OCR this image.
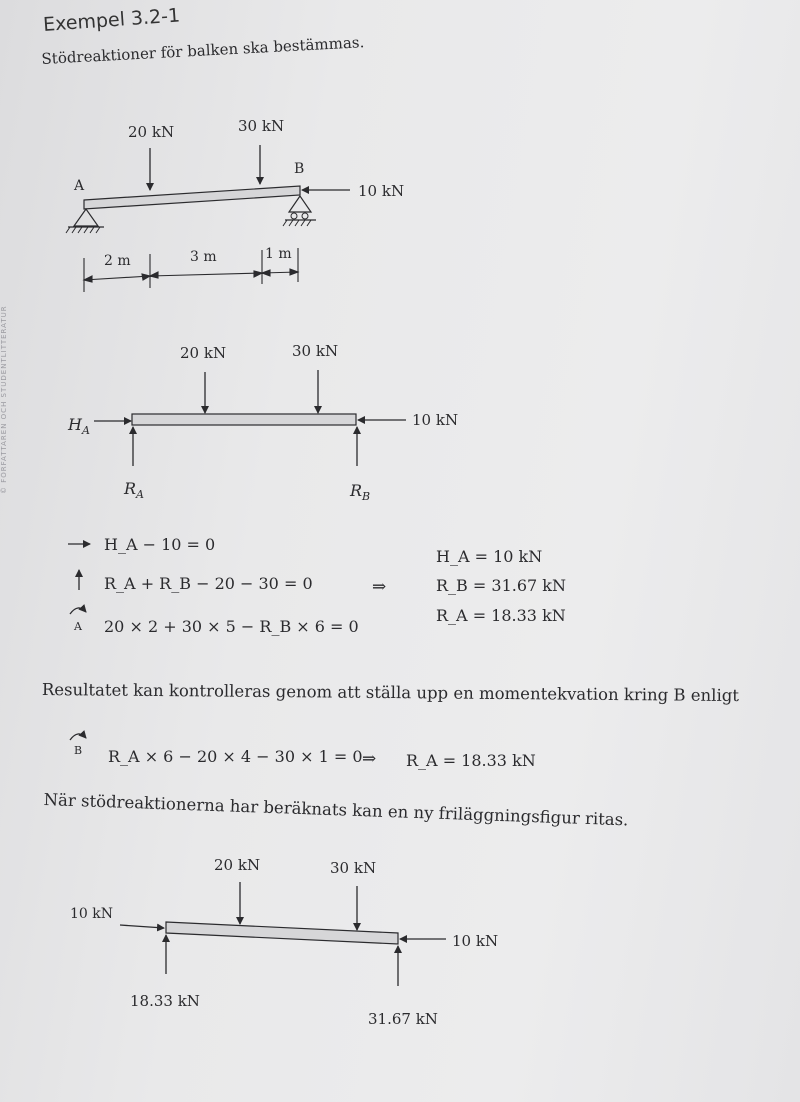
© FÖRFATTAREN OCH STUDENTLITTERATUR
Exempel 3.2-1
Stödreaktioner för balken ska bestämmas.
A
B
20 kN	30 kN
10 kN
2 m	3 m	1 m
20 kN	30 kN
$H_A$
10 kN
$R_A$	$R_B$
H_A − 10 = 0
R_A + R_B − 20 − 30 = 0
A 20 × 2 + 30 × 5 − R_B × 6 = 0
⇒
H_A = 10 kN
R_B = 31.67 kN
R_A = 18.33 kN
B R_A × 6 − 20 × 4 − 30 × 1 = 0 ⇒ R_A = 18.33 kN
20 kN	30 kN
10 kN
10 kN
18.33 kN
31.67 kN
Resultatet kan kontrolleras genom att ställa upp en momentekvation kring B enligt
När stödreaktionerna har beräknats kan en ny friläggningsfigur ritas.
